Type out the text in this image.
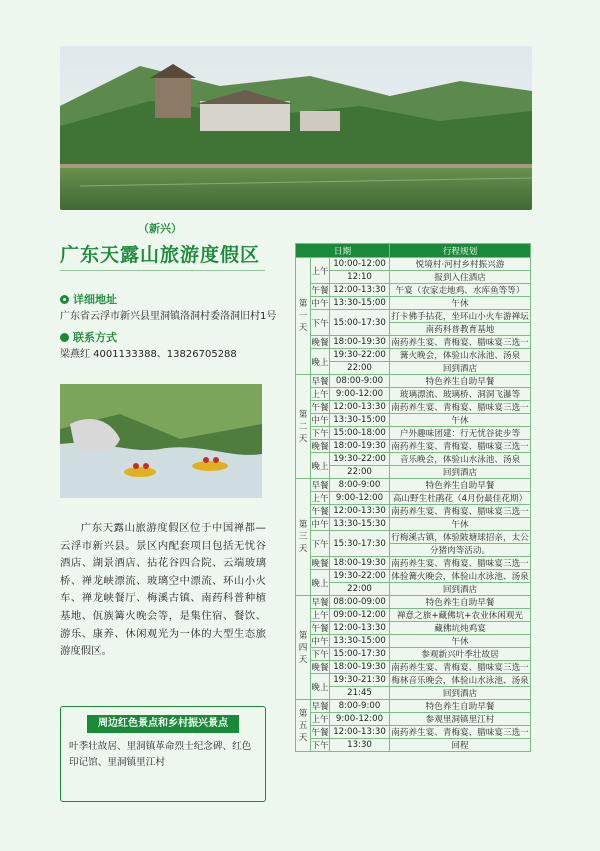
（新兴）
广东天露山旅游度假区
详细地址
广东省云浮市新兴县里洞镇洛洞村委洛洞旧村1号
联系方式
梁燕红 4001133388、13826705288
广东天露山旅游度假区位于中国禅都—云浮市新兴县。景区内配套项目包括无忧谷酒店、湖景酒店、拈花谷四合院、云端玻璃桥、禅龙峡漂流、玻璃空中漂流、环山小火车、禅龙峡餐厅、梅溪古镇、南药科普种植基地、佤族篝火晚会等，是集住宿、餐饮、游乐、康养、休闲观光为一体的大型生态旅游度假区。
周边红色景点和乡村振兴景点
叶季壮故居、里洞镇革命烈士纪念碑、红色印记馆、里洞镇里江村
日期			行程规划
第
一
天	上午	10:00-12:00	悦境村·河村乡村振兴游
		12:10	报到入住酒店
	午餐	12:00-13:30	午宴（农家走地鸡、水库鱼等等）
	中午	13:30-15:00	午休
	下午	15:00-17:30	打卡佛手拈花，坐环山小火车游禅坛
			南药科普教育基地
	晚餐	18:00-19:30	南药养生宴、青梅宴、腊味宴三选一
	晚上	19:30-22:00	篝火晚会，体验山水泳池、汤泉
		22:00	回到酒店
第
二
天	早餐	08:00-9:00	特色养生自助早餐
	上午	9:00-12:00	玻璃漂流、玻璃桥、洞洞飞瀑等
	午餐	12:00-13:30	南药养生宴、青梅宴、腊味宴三选一
	中午	13:30-15:00	午休
	下午	15:00-18:00	户外趣味团建：行无忧谷徒步等
	晚餐	18:00-19:30	南药养生宴、青梅宴、腊味宴三选一
	晚上	19:30-22:00	音乐晚会，体验山水泳池、汤泉
		22:00	回到酒店
第
三
天	早餐	8:00-9:00	特色养生自助早餐
	上午	9:00-12:00	高山野生杜鹃花（4月份最佳花期）
	午餐	12:00-13:30	南药养生宴、青梅宴、腊味宴三选一
	中午	13:30-15:30	午休
	下午	15:30-17:30	行梅溪古镇，体验陂塘球招亲，太公
			分猪肉等活动。
	晚餐	18:00-19:30	南药养生宴、青梅宴、腊味宴三选一
	晚上	19:30-22:00	体验篝火晚会，体验山水泳池、汤泉
		22:00	回到酒店
第
四
天	早餐	08:00-09:00	特色养生自助早餐
	上午	09:00-12:00	禅意之旅+藏佛坑+农业休闲观光
	午餐	12:00-13:30	藏佛坑炖鸡宴
	中午	13:30-15:00	午休
	下午	15:00-17:30	参观新兴叶季壮故居
	晚餐	18:00-19:30	南药养生宴、青梅宴、腊味宴三选一
	晚上	19:30-21:30	梅林音乐晚会，体验山水泳池、汤泉
		21:45	回到酒店
第
五
天	早餐	8:00-9:00	特色养生自助早餐
	上午	9:00-12:00	参观里洞镇里江村
	午餐	12:00-13:30	南药养生宴、青梅宴、腊味宴三选一
	下午	13:30	回程
